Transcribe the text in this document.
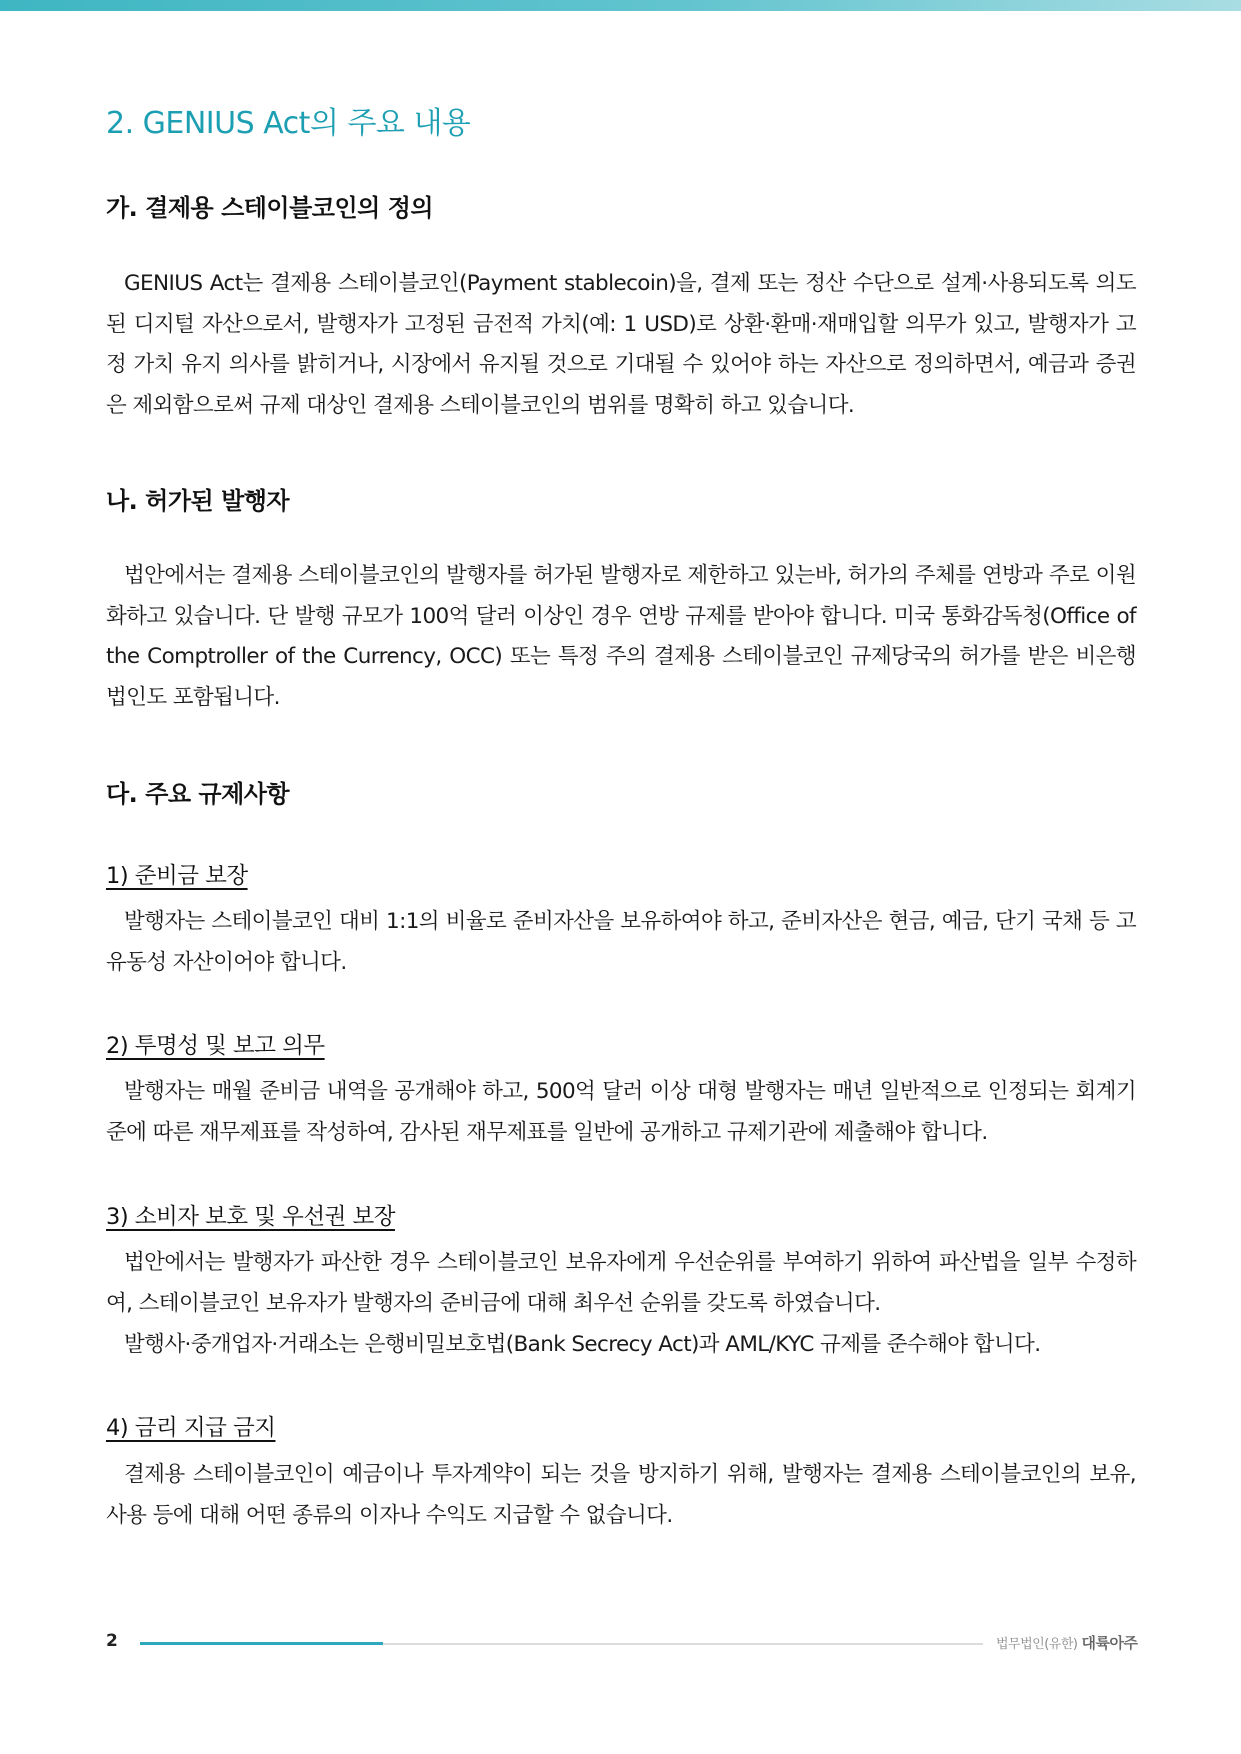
2. GENIUS Act의 주요 내용
가. 결제용 스테이블코인의 정의

GENIUS Act는 결제용 스테이블코인(Payment stablecoin)을, 결제 또는 정산 수단으로 설계·사용되도록 의도된 디지털 자산으로서, 발행자가 고정된 금전적 가치(예: 1 USD)로 상환·환매·재매입할 의무가 있고, 발행자가 고정 가치 유지 의사를 밝히거나, 시장에서 유지될 것으로 기대될 수 있어야 하는 자산으로 정의하면서, 예금과 증권은 제외함으로써 규제 대상인 결제용 스테이블코인의 범위를 명확히 하고 있습니다.

나. 허가된 발행자

법안에서는 결제용 스테이블코인의 발행자를 허가된 발행자로 제한하고 있는바, 허가의 주체를 연방과 주로 이원화하고 있습니다. 단 발행 규모가 100억 달러 이상인 경우 연방 규제를 받아야 합니다. 미국 통화감독청(Office of the Comptroller of the Currency, OCC) 또는 특정 주의 결제용 스테이블코인 규제당국의 허가를 받은 비은행 법인도 포함됩니다.

다. 주요 규제사항
1) 준비금 보장

발행자는 스테이블코인 대비 1:1의 비율로 준비자산을 보유하여야 하고, 준비자산은 현금, 예금, 단기 국채 등 고유동성 자산이어야 합니다.

2) 투명성 및 보고 의무

발행자는 매월 준비금 내역을 공개해야 하고, 500억 달러 이상 대형 발행자는 매년 일반적으로 인정되는 회계기준에 따른 재무제표를 작성하여, 감사된 재무제표를 일반에 공개하고 규제기관에 제출해야 합니다.

3) 소비자 보호 및 우선권 보장

법안에서는 발행자가 파산한 경우 스테이블코인 보유자에게 우선순위를 부여하기 위하여 파산법을 일부 수정하여, 스테이블코인 보유자가 발행자의 준비금에 대해 최우선 순위를 갖도록 하였습니다.

발행사·중개업자·거래소는 은행비밀보호법(Bank Secrecy Act)과 AML/KYC 규제를 준수해야 합니다.

4) 금리 지급 금지

결제용 스테이블코인이 예금이나 투자계약이 되는 것을 방지하기 위해, 발행자는 결제용 스테이블코인의 보유, 사용 등에 대해 어떤 종류의 이자나 수익도 지급할 수 없습니다.

2	법무법인(유한) 대륙아주
